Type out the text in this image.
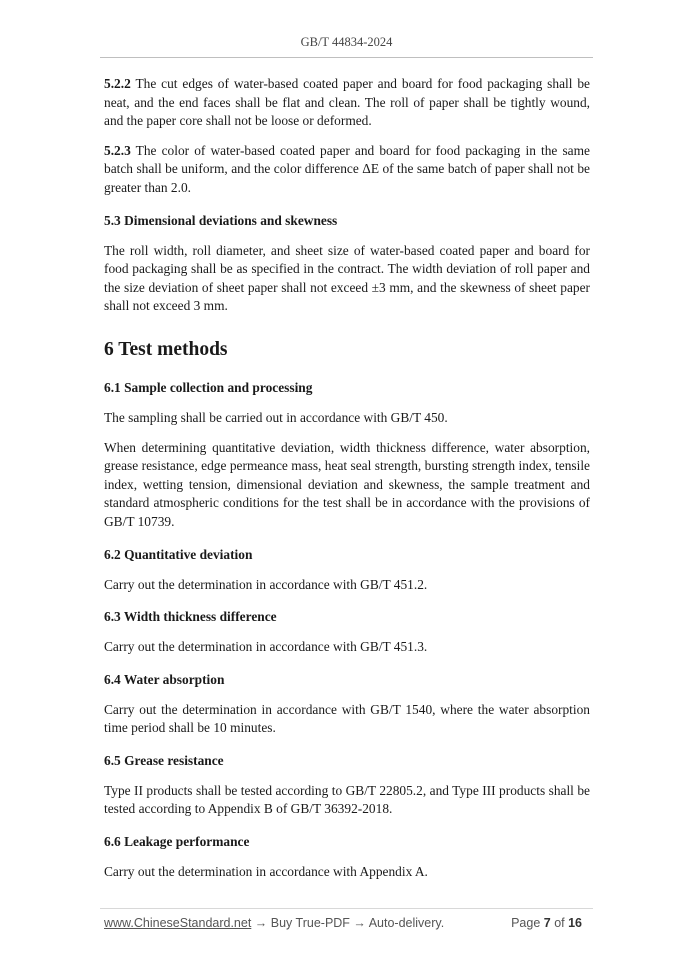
GB/T 44834-2024

5.2.2 The cut edges of water-based coated paper and board for food packaging shall be neat, and the end faces shall be flat and clean. The roll of paper shall be tightly wound, and the paper core shall not be loose or deformed.

5.2.3 The color of water-based coated paper and board for food packaging in the same batch shall be uniform, and the color difference ΔE of the same batch of paper shall not be greater than 2.0.

5.3 Dimensional deviations and skewness

The roll width, roll diameter, and sheet size of water-based coated paper and board for food packaging shall be as specified in the contract. The width deviation of roll paper and the size deviation of sheet paper shall not exceed ±3 mm, and the skewness of sheet paper shall not exceed 3 mm.

6 Test methods
6.1 Sample collection and processing

The sampling shall be carried out in accordance with GB/T 450.

When determining quantitative deviation, width thickness difference, water absorption, grease resistance, edge permeance mass, heat seal strength, bursting strength index, tensile index, wetting tension, dimensional deviation and skewness, the sample treatment and standard atmospheric conditions for the test shall be in accordance with the provisions of GB/T 10739.

6.2 Quantitative deviation

Carry out the determination in accordance with GB/T 451.2.

6.3 Width thickness difference

Carry out the determination in accordance with GB/T 451.3.

6.4 Water absorption

Carry out the determination in accordance with GB/T 1540, where the water absorption time period shall be 10 minutes.

6.5 Grease resistance

Type II products shall be tested according to GB/T 22805.2, and Type III products shall be tested according to Appendix B of GB/T 36392-2018.

6.6 Leakage performance

Carry out the determination in accordance with Appendix A.

www.ChineseStandard.net → Buy True-PDF → Auto-delivery.	Page 7 of 16
